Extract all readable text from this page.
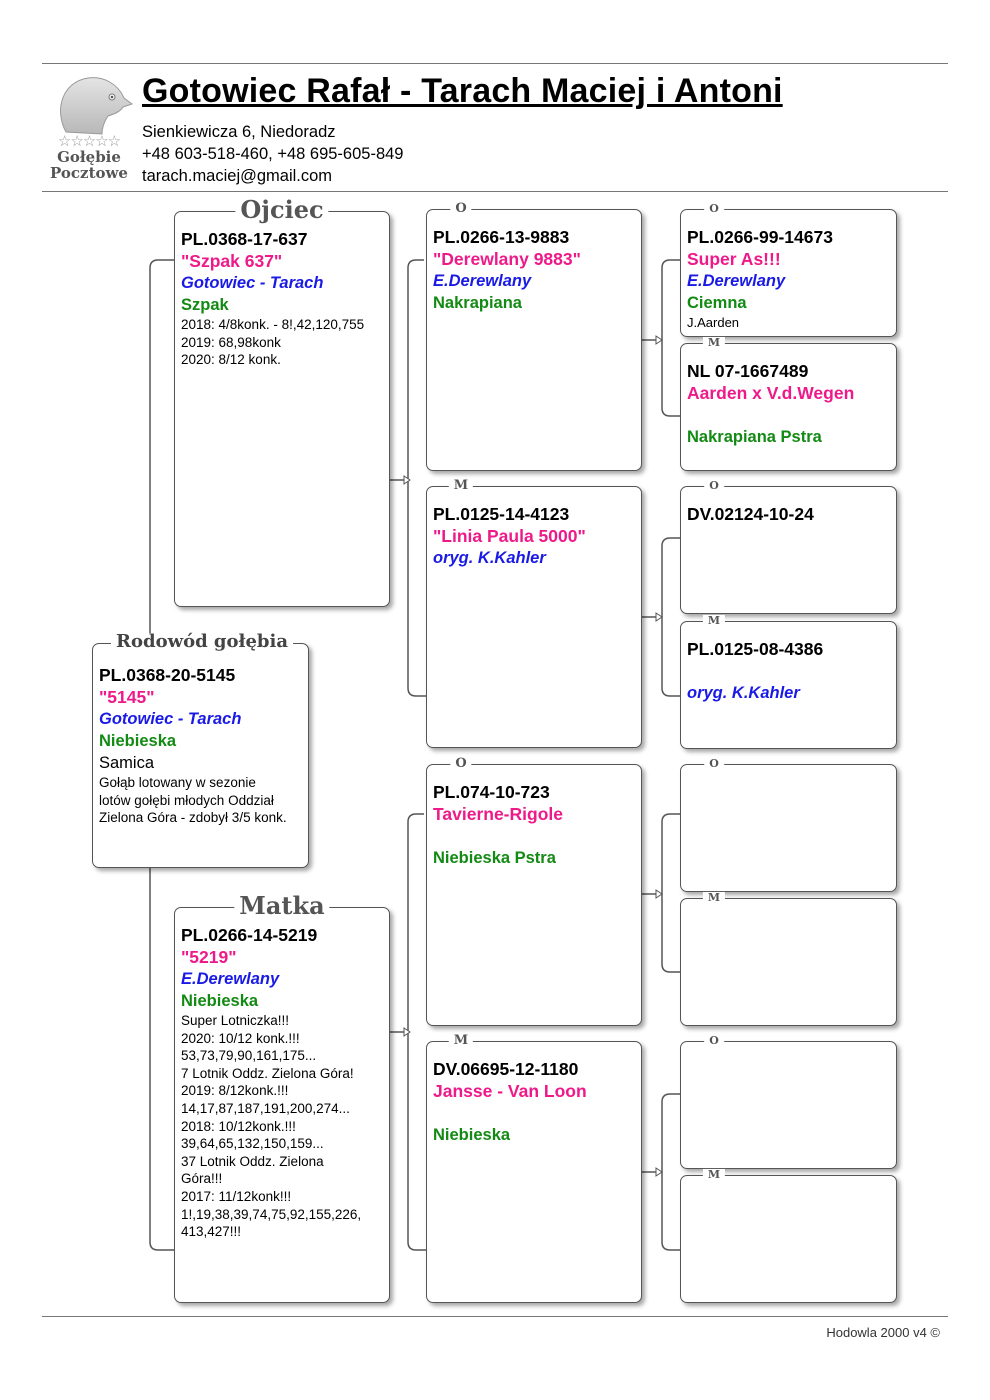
☆☆☆☆☆
Gołębie
Pocztowe
Gotowiec Rafał - Tarach Maciej i Antoni
Sienkiewicza 6, Niedoradz
+48 603-518-460, +48 695-605-849
tarach.maciej@gmail.com
PL.0368-20-5145
"5145"
Gotowiec - Tarach
Niebieska
Samica
Gołąb lotowany w sezonie
lotów gołębi młodych Oddział
Zielona Góra - zdobył 3/5 konk.
Rodowód gołębia
PL.0368-17-637
"Szpak 637"
Gotowiec - Tarach
Szpak
2018: 4/8konk. - 8!,42,120,755
2019: 68,98konk
2020: 8/12 konk.
Ojciec
PL.0266-14-5219
"5219"
E.Derewlany
Niebieska
Super Lotniczka!!!
2020: 10/12 konk.!!!
53,73,79,90,161,175...
7 Lotnik Oddz. Zielona Góra!
2019: 8/12konk.!!!
14,17,87,187,191,200,274...
2018: 10/12konk.!!!
39,64,65,132,150,159...
37 Lotnik Oddz. Zielona
Góra!!!
2017: 11/12konk!!!
1!,19,38,39,74,75,92,155,226,
413,427!!!
Matka
PL.0266-13-9883
"Derewlany 9883"
E.Derewlany
Nakrapiana
O
PL.0125-14-4123
"Linia Paula 5000"
oryg. K.Kahler
M
PL.074-10-723
Tavierne-Rigole
Niebieska Pstra
O
DV.06695-12-1180
Jansse - Van Loon
Niebieska
M
PL.0266-99-14673
Super As!!!
E.Derewlany
Ciemna
J.Aarden
O
NL 07-1667489
Aarden x V.d.Wegen
Nakrapiana Pstra
M
DV.02124-10-24
O
PL.0125-08-4386
oryg. K.Kahler
M
O
M
O
M
Hodowla 2000 v4 ©
